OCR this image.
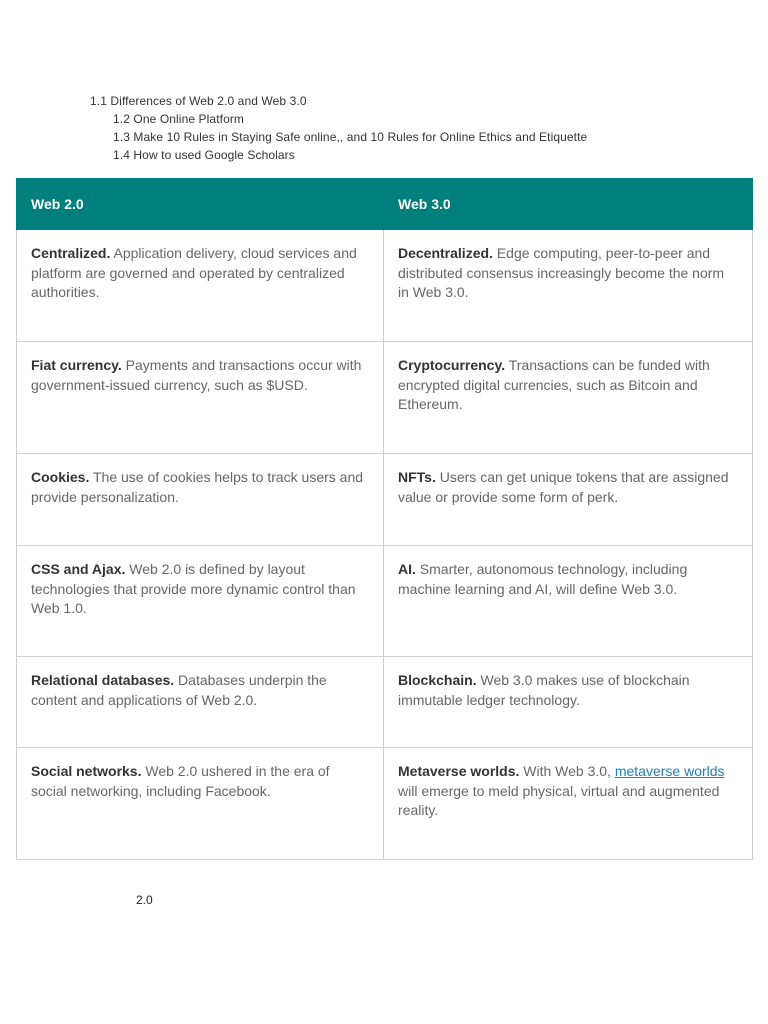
1.1 Differences of Web 2.0 and Web 3.0
1.2 One Online Platform
1.3 Make 10 Rules in Staying Safe online,, and 10 Rules for Online Ethics and Etiquette
1.4 How to used Google Scholars
Web 2.0	Web 3.0
Centralized. Application delivery, cloud services and platform are governed and operated by centralized authorities.	Decentralized. Edge computing, peer-to-peer and distributed consensus increasingly become the norm in Web 3.0.
Fiat currency. Payments and transactions occur with government-issued currency, such as $USD.	Cryptocurrency. Transactions can be funded with encrypted digital currencies, such as Bitcoin and Ethereum.
Cookies. The use of cookies helps to track users and provide personalization.	NFTs. Users can get unique tokens that are assigned value or provide some form of perk.
CSS and Ajax. Web 2.0 is defined by layout technologies that provide more dynamic control than Web 1.0.	AI. Smarter, autonomous technology, including machine learning and AI, will define Web 3.0.
Relational databases. Databases underpin the content and applications of Web 2.0.	Blockchain. Web 3.0 makes use of blockchain immutable ledger technology.
Social networks. Web 2.0 ushered in the era of social networking, including Facebook.	Metaverse worlds. With Web 3.0, metaverse worlds will emerge to meld physical, virtual and augmented reality.
2.0
